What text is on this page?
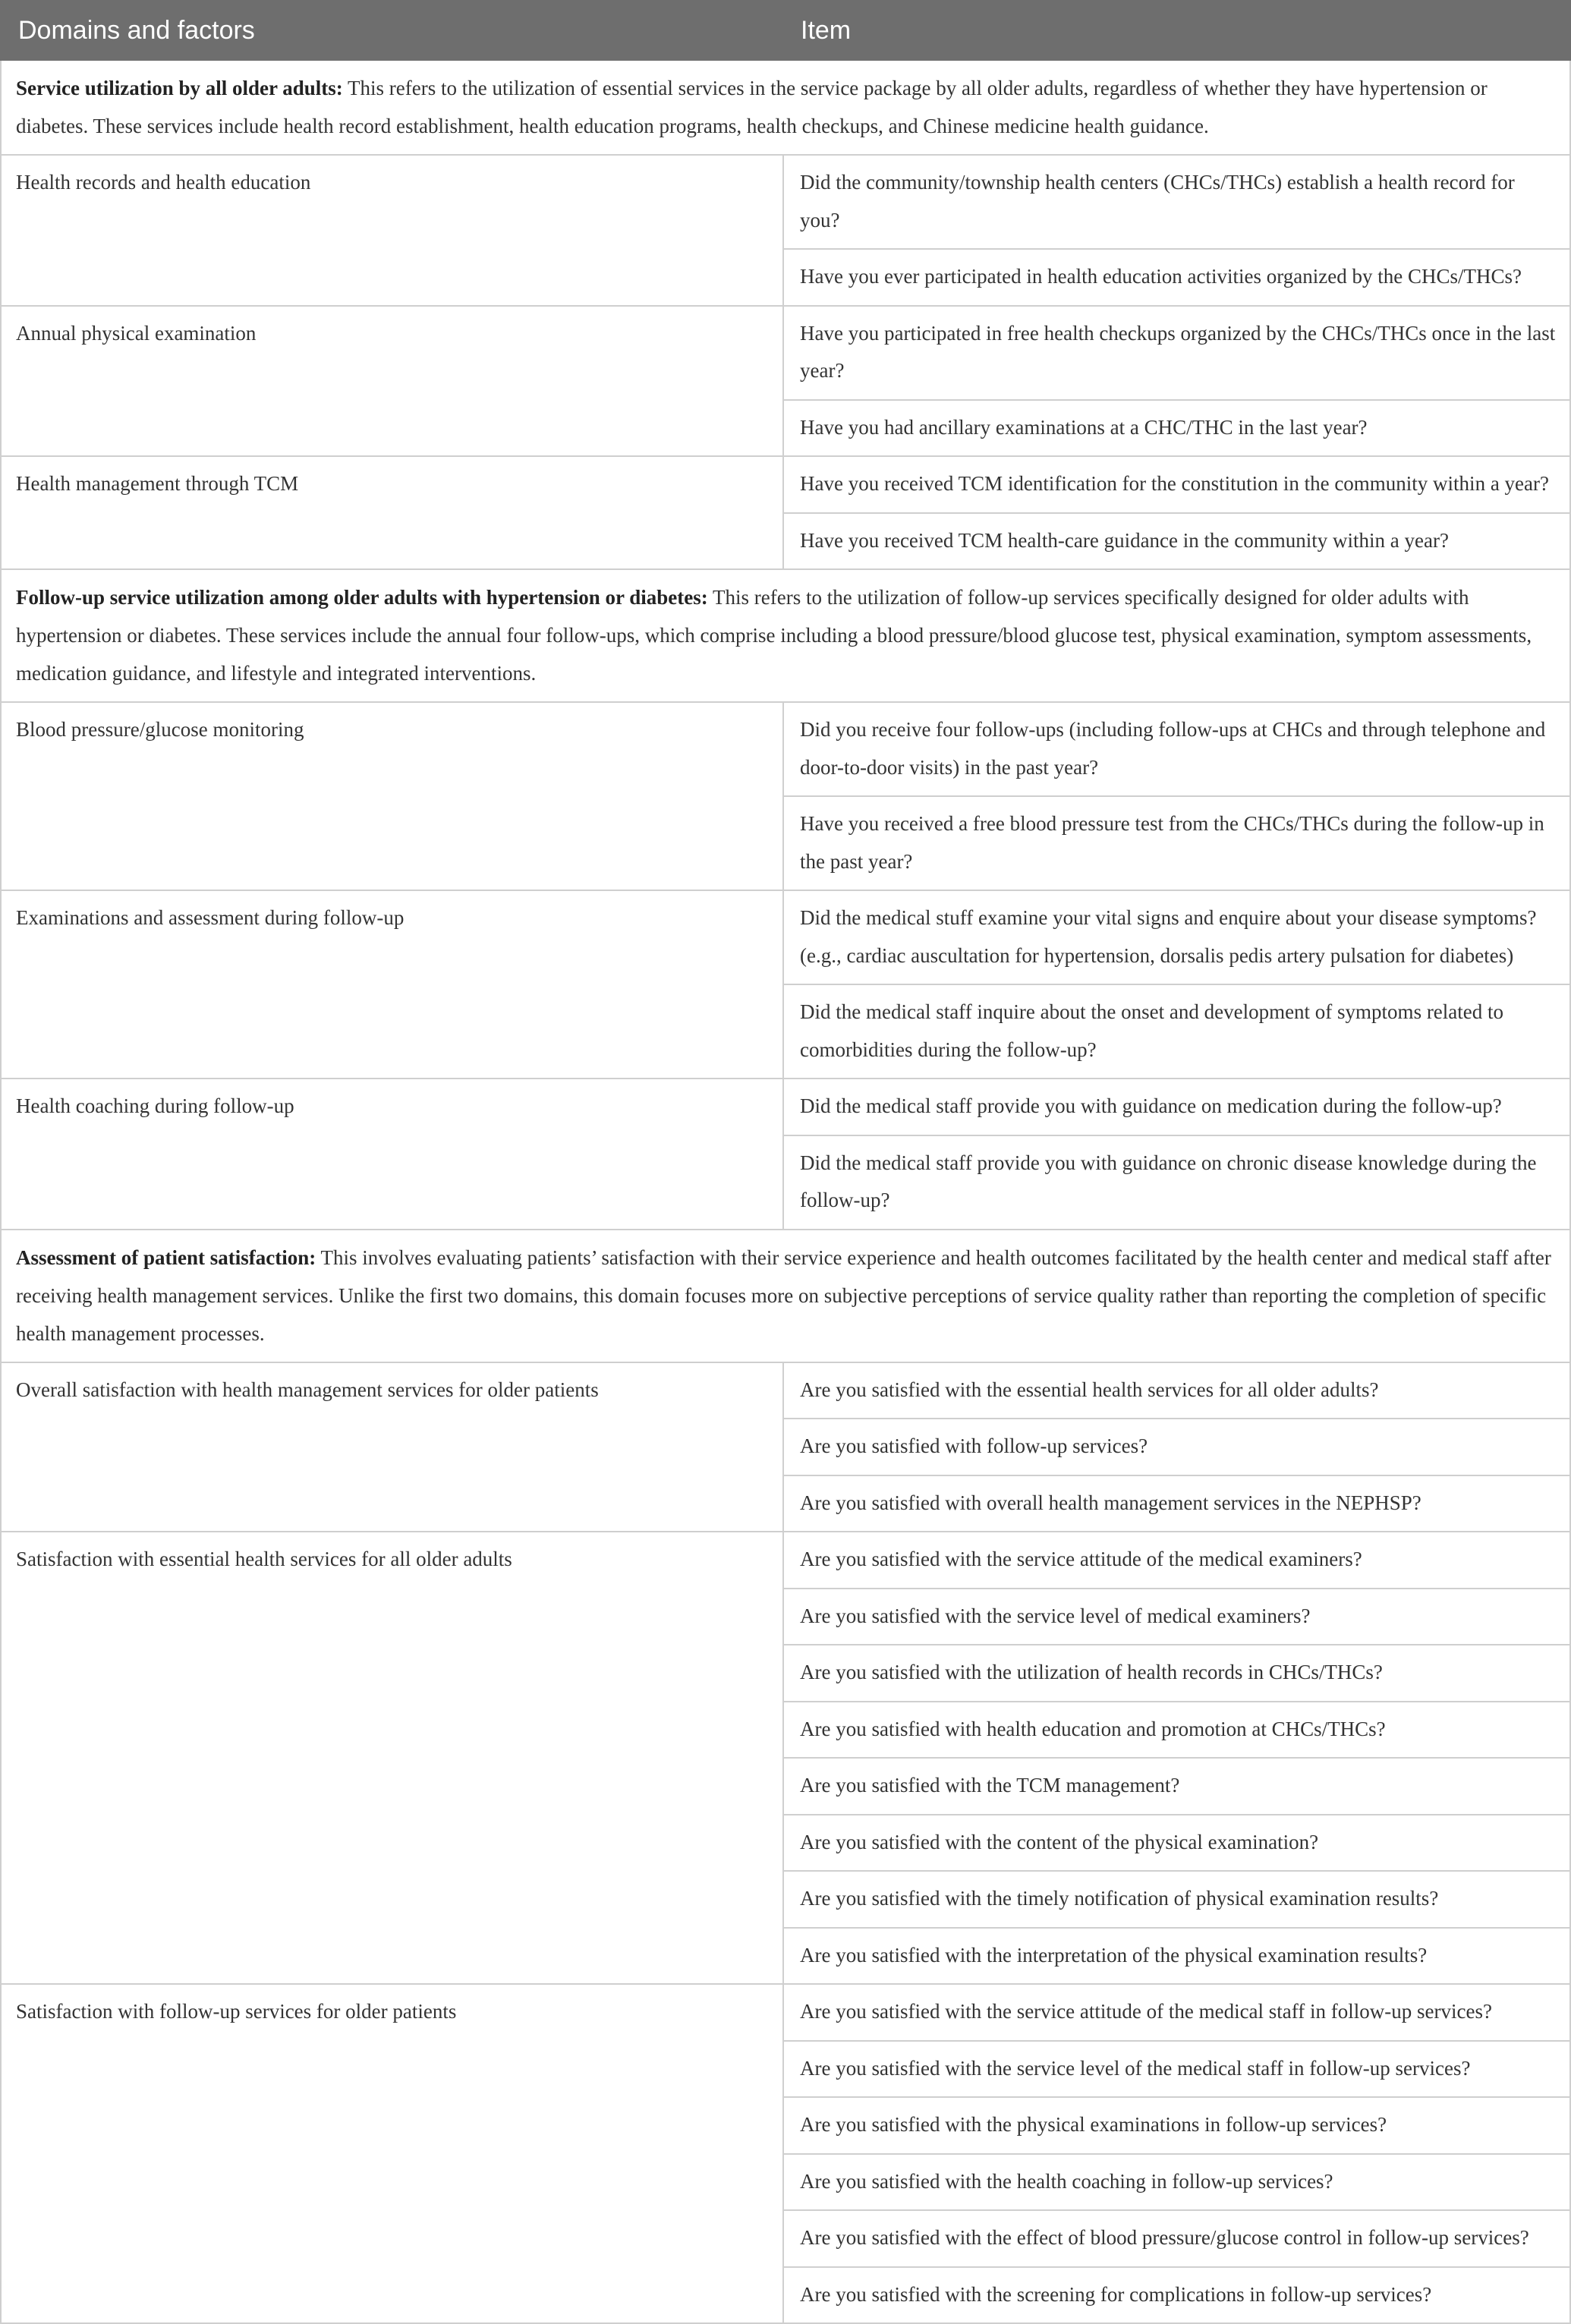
Domains and factors	Item
Service utilization by all older adults: This refers to the utilization of essential services in the service package by all older adults, regardless of whether they have hypertension or diabetes. These services include health record establishment, health education programs, health checkups, and Chinese medicine health guidance.	
Health records and health education	Did the community/township health centers (CHCs/THCs) establish a health record for you?
	Have you ever participated in health education activities organized by the CHCs/THCs?
Annual physical examination	Have you participated in free health checkups organized by the CHCs/THCs once in the last year?
	Have you had ancillary examinations at a CHC/THC in the last year?
Health management through TCM	Have you received TCM identification for the constitution in the community within a year?
	Have you received TCM health-care guidance in the community within a year?
Follow-up service utilization among older adults with hypertension or diabetes: This refers to the utilization of follow-up services specifically designed for older adults with hypertension or diabetes. These services include the annual four follow-ups, which comprise including a blood pressure/blood glucose test, physical examination, symptom assessments, medication guidance, and lifestyle and integrated interventions.	
Blood pressure/glucose monitoring	Did you receive four follow-ups (including follow-ups at CHCs and through telephone and door-to-door visits) in the past year?
	Have you received a free blood pressure test from the CHCs/THCs during the follow-up in the past year?
Examinations and assessment during follow-up	Did the medical stuff examine your vital signs and enquire about your disease symptoms? (e.g., cardiac auscultation for hypertension, dorsalis pedis artery pulsation for diabetes)
	Did the medical staff inquire about the onset and development of symptoms related to comorbidities during the follow-up?
Health coaching during follow-up	Did the medical staff provide you with guidance on medication during the follow-up?
	Did the medical staff provide you with guidance on chronic disease knowledge during the follow-up?
Assessment of patient satisfaction: This involves evaluating patients’ satisfaction with their service experience and health outcomes facilitated by the health center and medical staff after receiving health management services. Unlike the first two domains, this domain focuses more on subjective perceptions of service quality rather than reporting the completion of specific health management processes.	
Overall satisfaction with health management services for older patients	Are you satisfied with the essential health services for all older adults?
	Are you satisfied with follow-up services?
	Are you satisfied with overall health management services in the NEPHSP?
Satisfaction with essential health services for all older adults	Are you satisfied with the service attitude of the medical examiners?
	Are you satisfied with the service level of medical examiners?
	Are you satisfied with the utilization of health records in CHCs/THCs?
	Are you satisfied with health education and promotion at CHCs/THCs?
	Are you satisfied with the TCM management?
	Are you satisfied with the content of the physical examination?
	Are you satisfied with the timely notification of physical examination results?
	Are you satisfied with the interpretation of the physical examination results?
Satisfaction with follow-up services for older patients	Are you satisfied with the service attitude of the medical staff in follow-up services?
	Are you satisfied with the service level of the medical staff in follow-up services?
	Are you satisfied with the physical examinations in follow-up services?
	Are you satisfied with the health coaching in follow-up services?
	Are you satisfied with the effect of blood pressure/glucose control in follow-up services?
	Are you satisfied with the screening for complications in follow-up services?
